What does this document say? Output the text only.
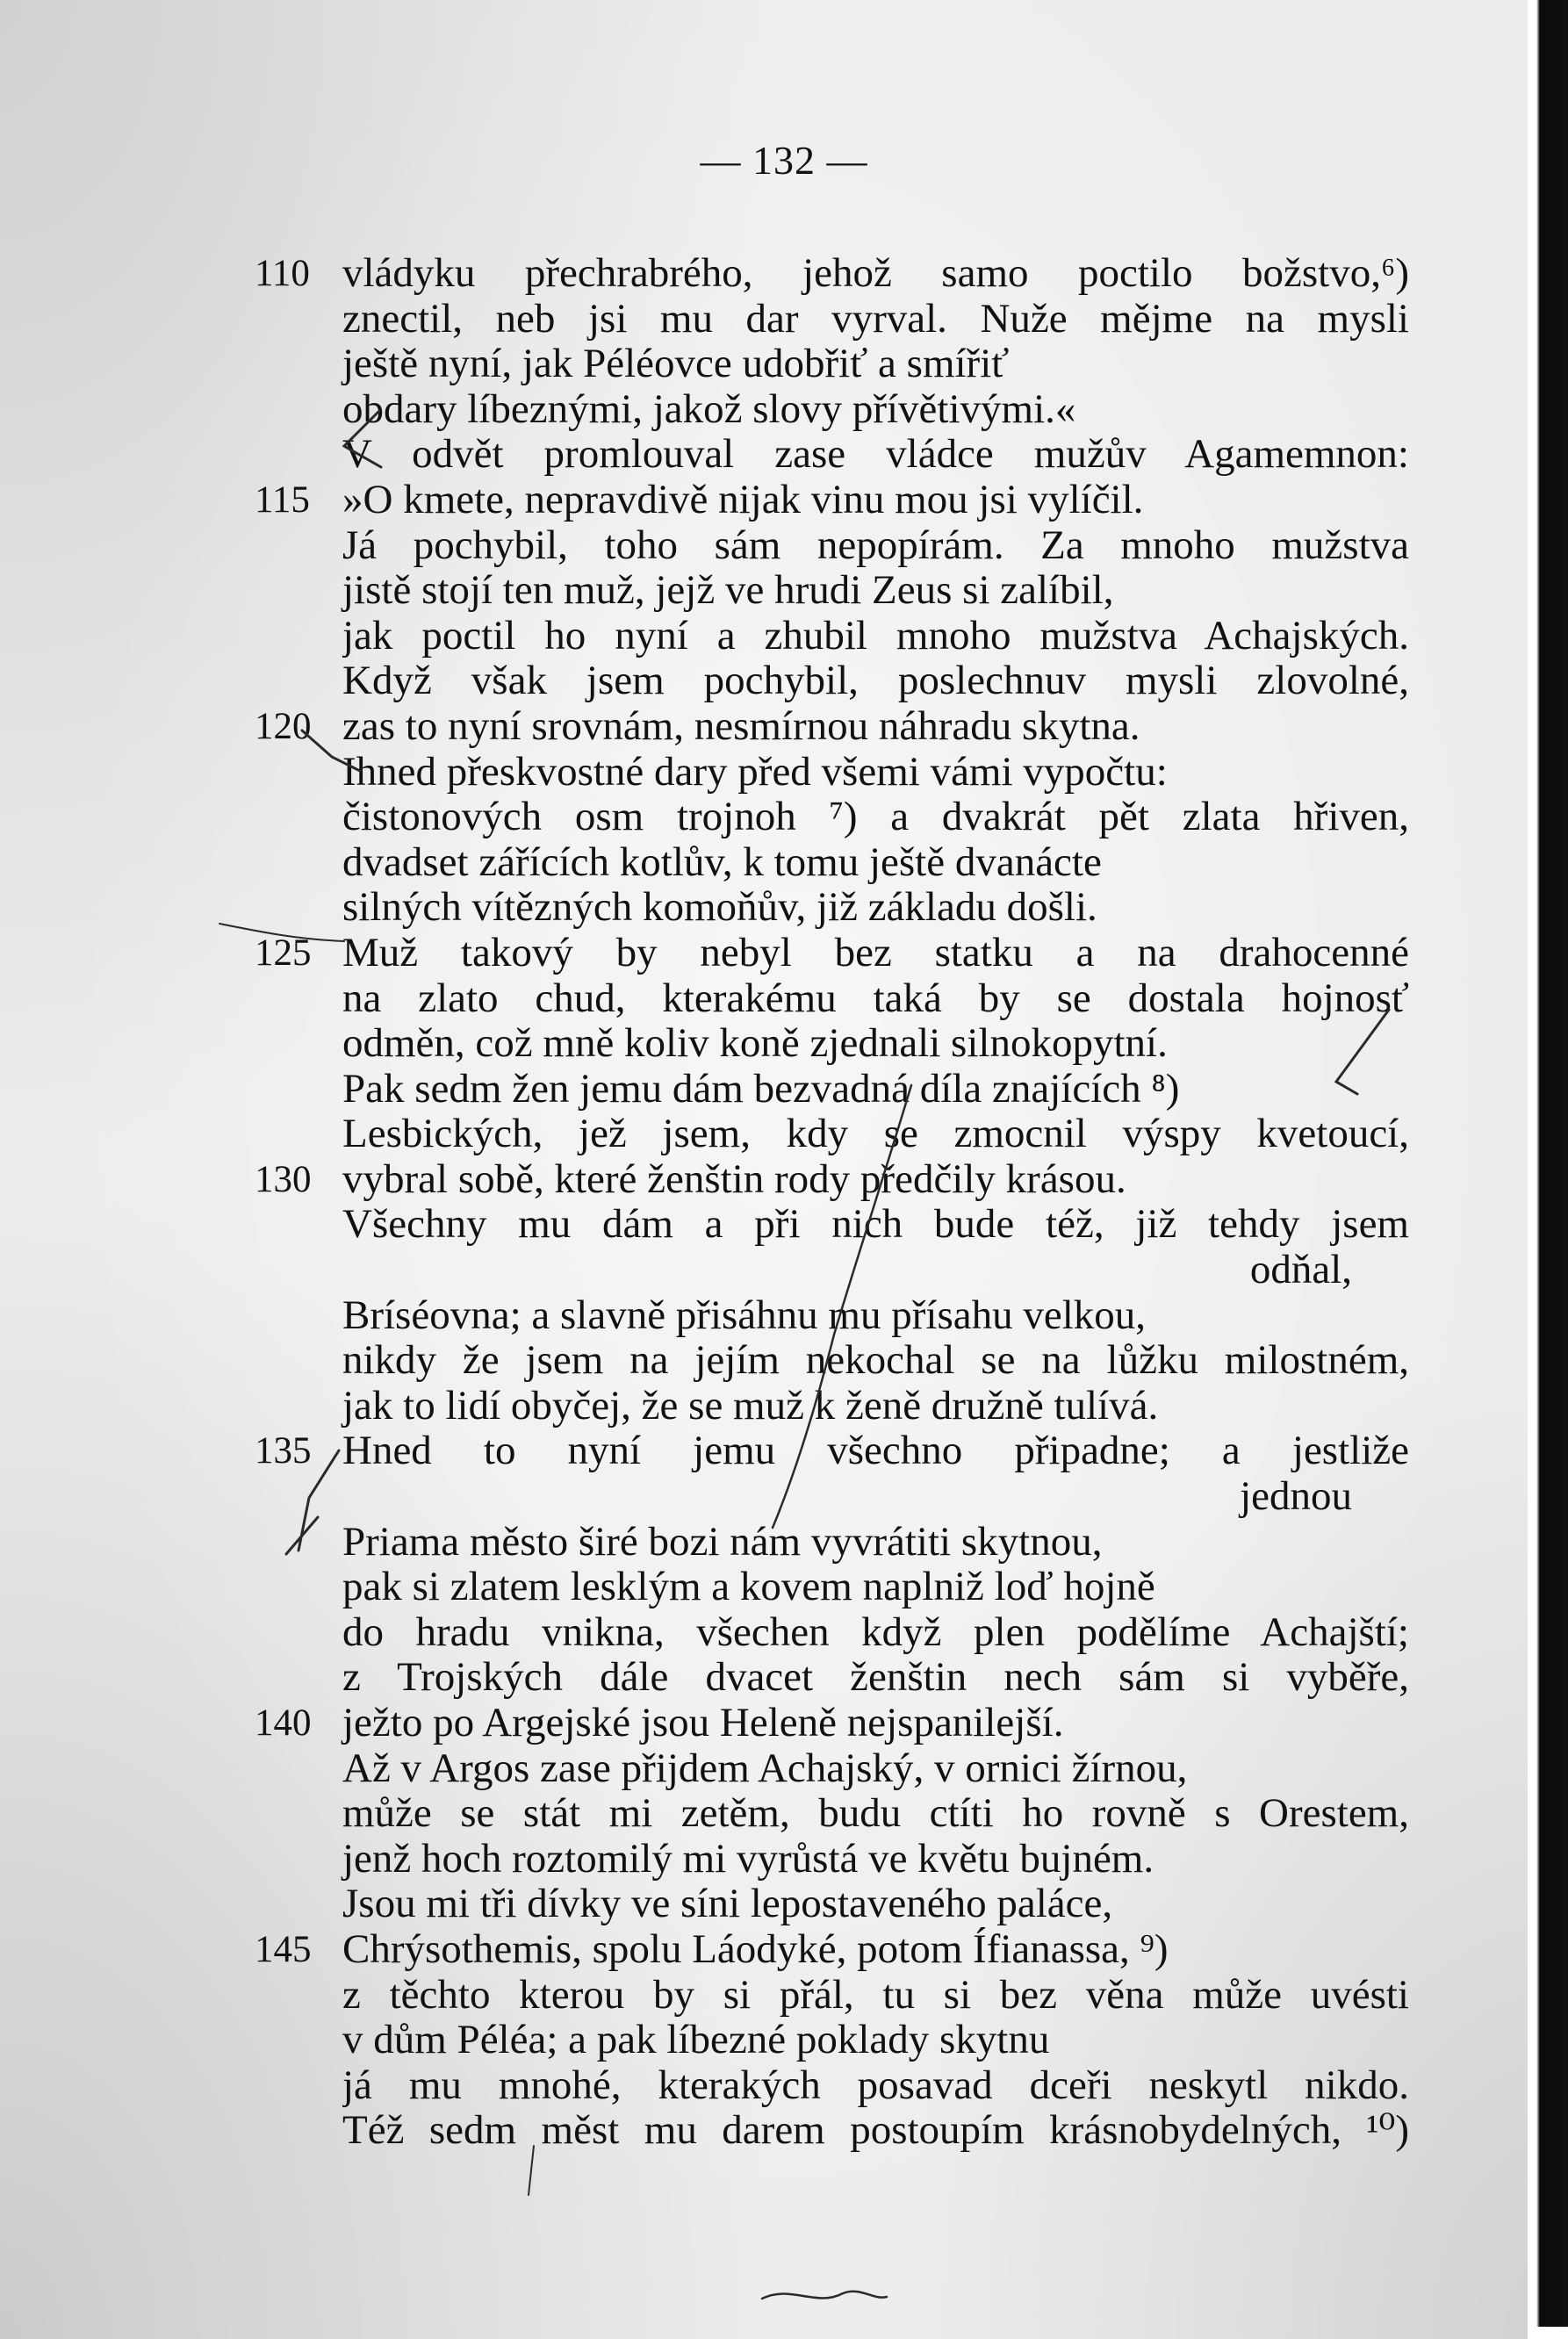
— 132 —
110 vládyku přechrabrého, jehož samo poctilo božstvo,⁶)
znectil, neb jsi mu dar vyrval. Nuže mějme na mysli
ještě nyní, jak Péléovce udobřiť a smířiť
obdary líbeznými, jakož slovy přívětivými.«
V odvět promlouval zase vládce mužův Agamemnon:
115 »O kmete, nepravdivě nijak vinu mou jsi vylíčil.
Já pochybil, toho sám nepopírám. Za mnoho mužstva
jistě stojí ten muž, jejž ve hrudi Zeus si zalíbil,
jak poctil ho nyní a zhubil mnoho mužstva Achajských.
Když však jsem pochybil, poslechnuv mysli zlovolné,
120 zas to nyní srovnám, nesmírnou náhradu skytna.
Ihned přeskvostné dary před všemi vámi vypočtu:
čistonových osm trojnoh ⁷) a dvakrát pět zlata hřiven,
dvadset zářících kotlův, k tomu ještě dvanácte
silných vítězných komoňův, již základu došli.
125 Muž takový by nebyl bez statku a na drahocenné
na zlato chud, kterakému taká by se dostala hojnosť
odměn, což mně koliv koně zjednali silnokopytní.
Pak sedm žen jemu dám bezvadná díla znajících ⁸)
Lesbických, jež jsem, kdy se zmocnil výspy kvetoucí,
130 vybral sobě, které ženštin rody předčily krásou.
Všechny mu dám a při nich bude též, již tehdy jsem
odňal,
Bríséovna; a slavně přisáhnu mu přísahu velkou,
nikdy že jsem na jejím nekochal se na lůžku milostném,
jak to lidí obyčej, že se muž k ženě družně tulívá.
135 Hned to nyní jemu všechno připadne; a jestliže
jednou
Priama město širé bozi nám vyvrátiti skytnou,
pak si zlatem lesklým a kovem naplniž loď hojně
do hradu vnikna, všechen když plen podělíme Achajští;
z Trojských dále dvacet ženštin nech sám si vyběře,
140 ježto po Argejské jsou Heleně nejspanilejší.
Až v Argos zase přijdem Achajský, v ornici žírnou,
může se stát mi zetěm, budu ctíti ho rovně s Orestem,
jenž hoch roztomilý mi vyrůstá ve květu bujném.
Jsou mi tři dívky ve síni lepostaveného paláce,
145 Chrýsothemis, spolu Láodyké, potom Ífianassa, ⁹)
z těchto kterou by si přál, tu si bez věna může uvésti
v dům Péléa; a pak líbezné poklady skytnu
já mu mnohé, kterakých posavad dceři neskytl nikdo.
Též sedm měst mu darem postoupím krásnobydelných, ¹⁰)
